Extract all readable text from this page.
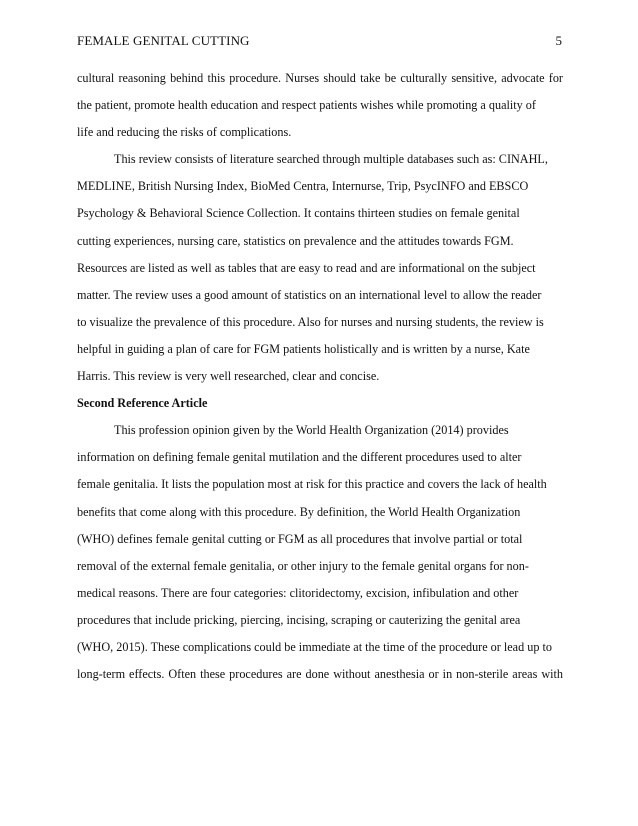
FEMALE GENITAL CUTTING	5
cultural reasoning behind this procedure. Nurses should take be culturally sensitive, advocate for
the patient, promote health education and respect patients wishes while promoting a quality of
life and reducing the risks of complications.
This review consists of literature searched through multiple databases such as: CINAHL,
MEDLINE, British Nursing Index, BioMed Centra, Internurse, Trip, PsycINFO and EBSCO
Psychology & Behavioral Science Collection. It contains thirteen studies on female genital
cutting experiences, nursing care, statistics on prevalence and the attitudes towards FGM.
Resources are listed as well as tables that are easy to read and are informational on the subject
matter. The review uses a good amount of statistics on an international level to allow the reader
to visualize the prevalence of this procedure. Also for nurses and nursing students, the review is
helpful in guiding a plan of care for FGM patients holistically and is written by a nurse, Kate
Harris. This review is very well researched, clear and concise.
Second Reference Article
This profession opinion given by the World Health Organization (2014) provides
information on defining female genital mutilation and the different procedures used to alter
female genitalia. It lists the population most at risk for this practice and covers the lack of health
benefits that come along with this procedure. By definition, the World Health Organization
(WHO) defines female genital cutting or FGM as all procedures that involve partial or total
removal of the external female genitalia, or other injury to the female genital organs for non-
medical reasons. There are four categories: clitoridectomy, excision, infibulation and other
procedures that include pricking, piercing, incising, scraping or cauterizing the genital area
(WHO, 2015). These complications could be immediate at the time of the procedure or lead up to
long-term effects. Often these procedures are done without anesthesia or in non-sterile areas with
